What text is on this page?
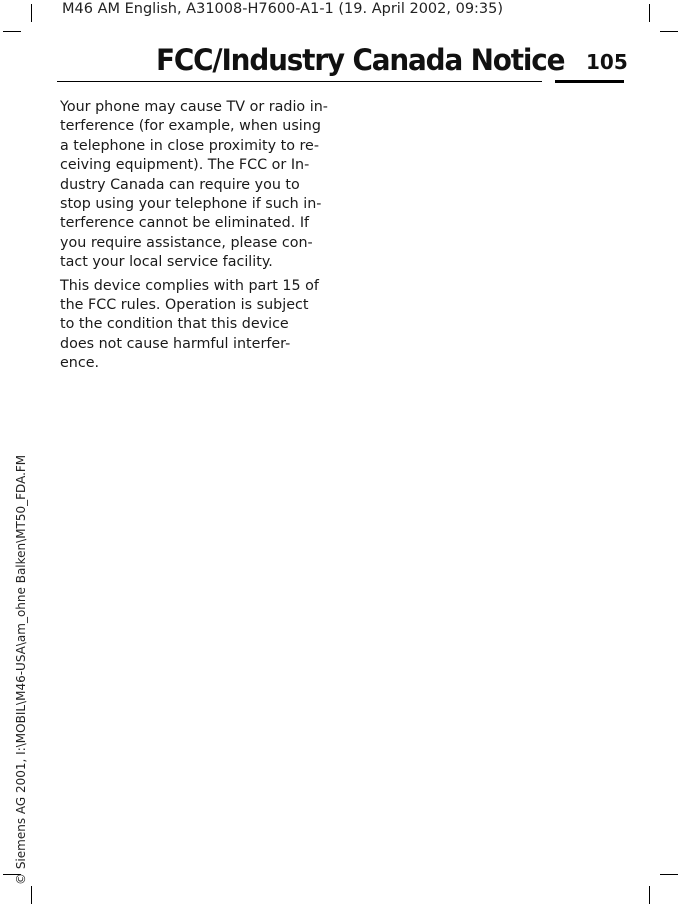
M46 AM English, A31008-H7600-A1-1 (19. April 2002, 09:35)
© Siemens AG 2001, I:\MOBIL\M46-USA\am_ohne Balken\MT50_FDA.FM
FCC/Industry Canada Notice 105

Your phone may cause TV or radio in-
terference (for example, when using
a telephone in close proximity to re-
ceiving equipment). The FCC or In-
dustry Canada can require you to
stop using your telephone if such in-
terference cannot be eliminated. If
you require assistance, please con-
tact your local service facility.

This device complies with part 15 of
the FCC rules. Operation is subject
to the condition that this device
does not cause harmful interfer-
ence.
